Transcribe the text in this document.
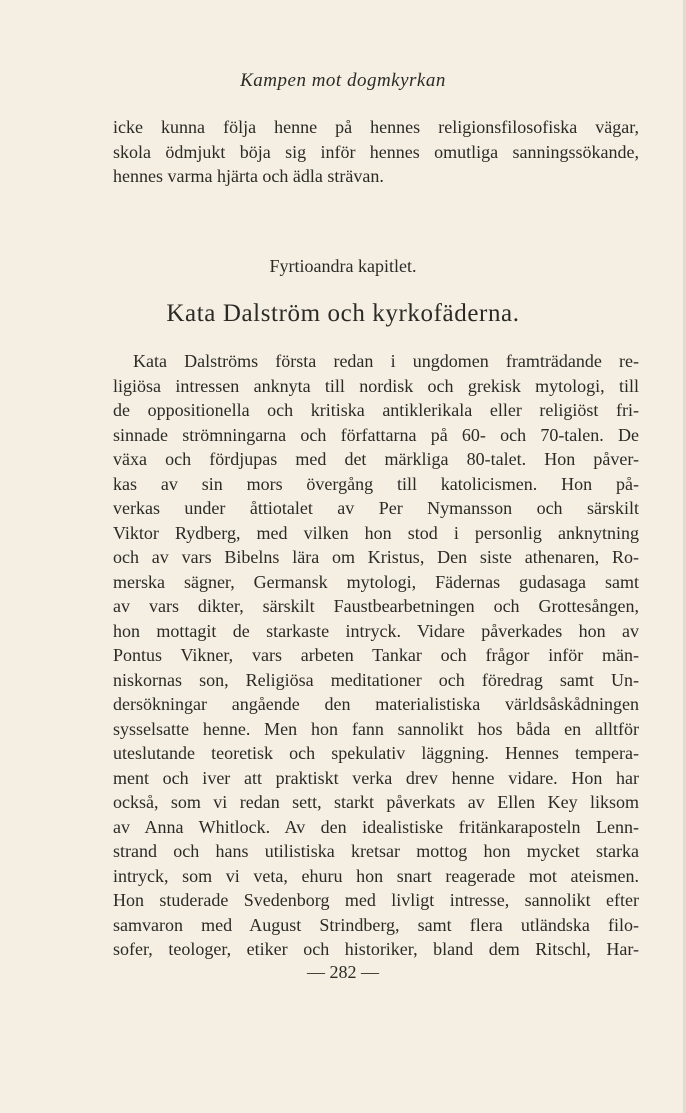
Kampen mot dogmkyrkan
icke kunna följa henne på hennes religionsfilosofiska vägar,
skola ödmjukt böja sig inför hennes omutliga sanningssökande,
hennes varma hjärta och ädla strävan.
Fyrtioandra kapitlet.
Kata Dalström och kyrkofäderna.
Kata Dalströms första redan i ungdomen framträdande re-
ligiösa intressen anknyta till nordisk och grekisk mytologi, till
de oppositionella och kritiska antiklerikala eller religiöst fri-
sinnade strömningarna och författarna på 60- och 70-talen. De
växa och fördjupas med det märkliga 80-talet. Hon påver-
kas av sin mors övergång till katolicismen. Hon på-
verkas under åttiotalet av Per Nymansson och särskilt
Viktor Rydberg, med vilken hon stod i personlig anknytning
och av vars Bibelns lära om Kristus, Den siste athenaren, Ro-
merska sägner, Germansk mytologi, Fädernas gudasaga samt
av vars dikter, särskilt Faustbearbetningen och Grottesången,
hon mottagit de starkaste intryck. Vidare påverkades hon av
Pontus Vikner, vars arbeten Tankar och frågor inför män-
niskornas son, Religiösa meditationer och föredrag samt Un-
dersökningar angående den materialistiska världsåskådningen
sysselsatte henne. Men hon fann sannolikt hos båda en alltför
uteslutande teoretisk och spekulativ läggning. Hennes tempera-
ment och iver att praktiskt verka drev henne vidare. Hon har
också, som vi redan sett, starkt påverkats av Ellen Key liksom
av Anna Whitlock. Av den idealistiske fritänkaraposteln Lenn-
strand och hans utilistiska kretsar mottog hon mycket starka
intryck, som vi veta, ehuru hon snart reagerade mot ateismen.
Hon studerade Svedenborg med livligt intresse, sannolikt efter
samvaron med August Strindberg, samt flera utländska filo-
sofer, teologer, etiker och historiker, bland dem Ritschl, Har-
— 282 —
